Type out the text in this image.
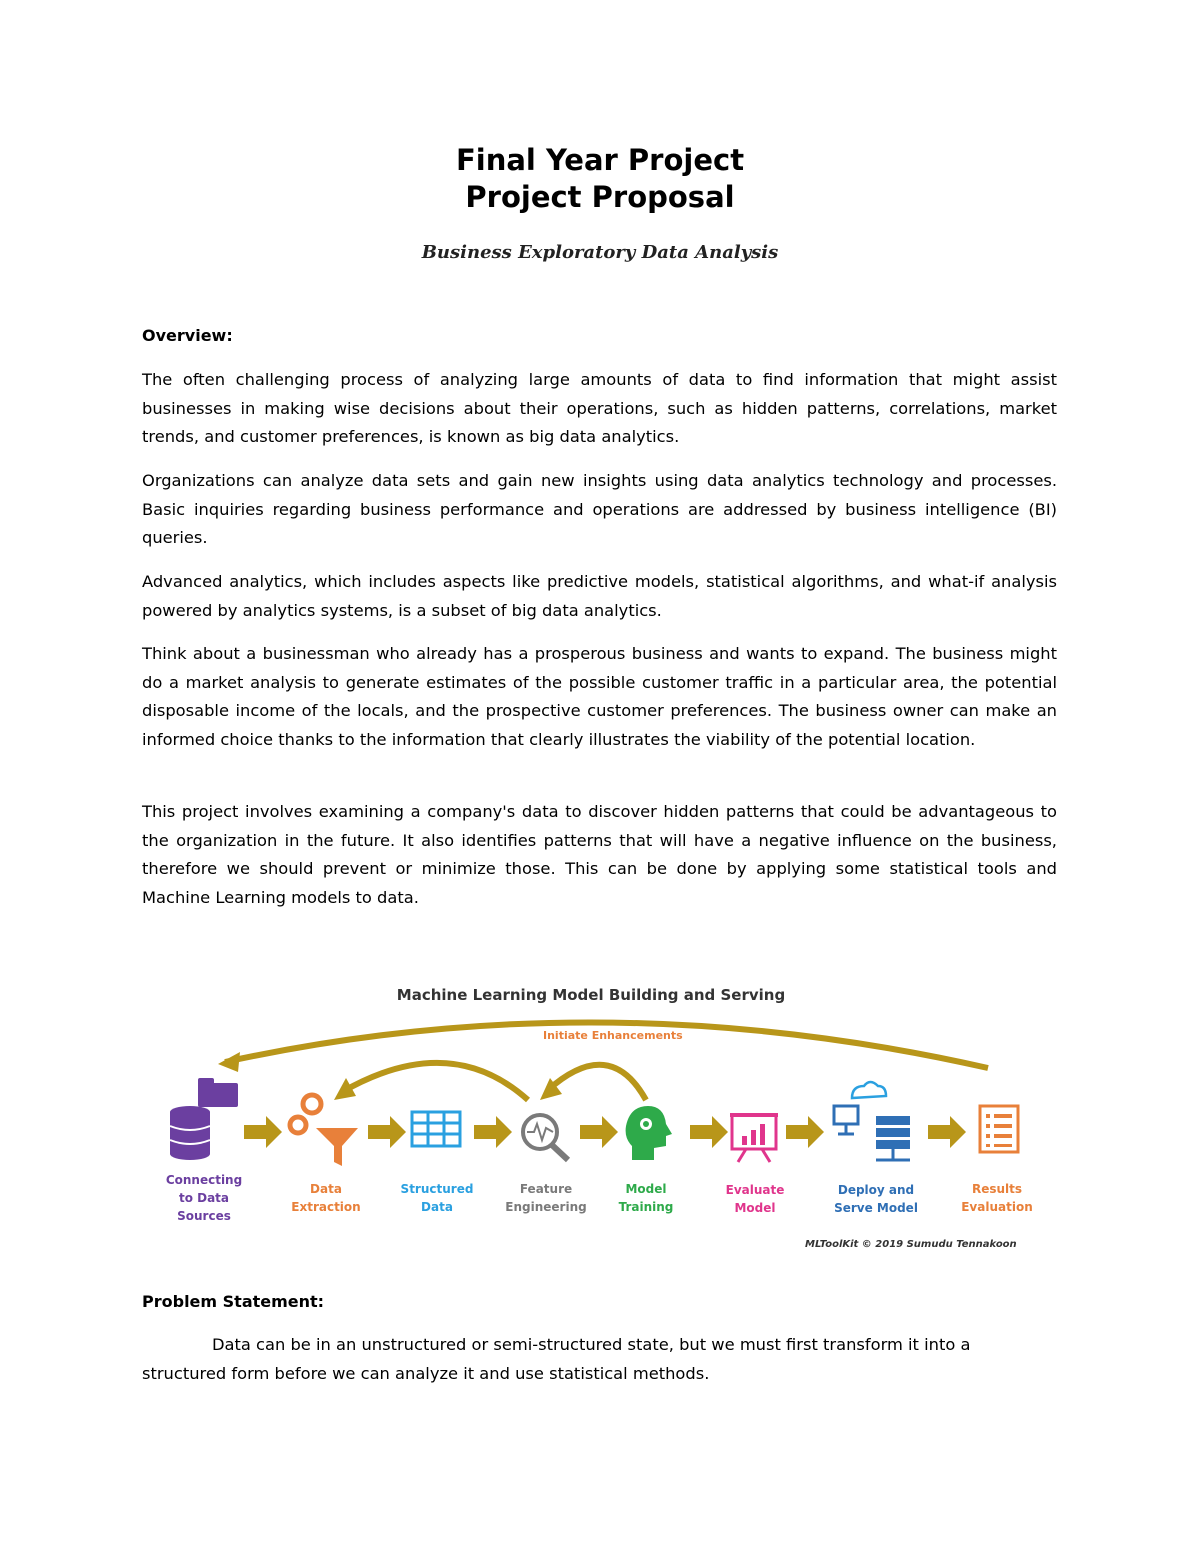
Final Year Project
Project Proposal
Business Exploratory Data Analysis
Overview:
The often challenging process of analyzing large amounts of data to find information that might assist businesses in making wise decisions about their operations, such as hidden patterns, correlations, market trends, and customer preferences, is known as big data analytics.
Organizations can analyze data sets and gain new insights using data analytics technology and processes. Basic inquiries regarding business performance and operations are addressed by business intelligence (BI) queries.
Advanced analytics, which includes aspects like predictive models, statistical algorithms, and what-if analysis powered by analytics systems, is a subset of big data analytics.
Think about a businessman who already has a prosperous business and wants to expand. The business might do a market analysis to generate estimates of the possible customer traffic in a particular area, the potential disposable income of the locals, and the prospective customer preferences. The business owner can make an informed choice thanks to the information that clearly illustrates the viability of the potential location.
This project involves examining a company's data to discover hidden patterns that could be advantageous to the organization in the future. It also identifies patterns that will have a negative influence on the business, therefore we should prevent or minimize those. This can be done by applying some statistical tools and Machine Learning models to data.
Machine Learning Model Building and Serving
Initiate Enhancements
Connecting
to Data
Sources
Data
Extraction
Structured
Data
Feature
Engineering
Model
Training
Evaluate
Model
Deploy and
Serve Model
Results
Evaluation
MLToolKit © 2019 Sumudu Tennakoon
Problem Statement:
Data can be in an unstructured or semi-structured state, but we must first transform it into a structured form before we can analyze it and use statistical methods.
